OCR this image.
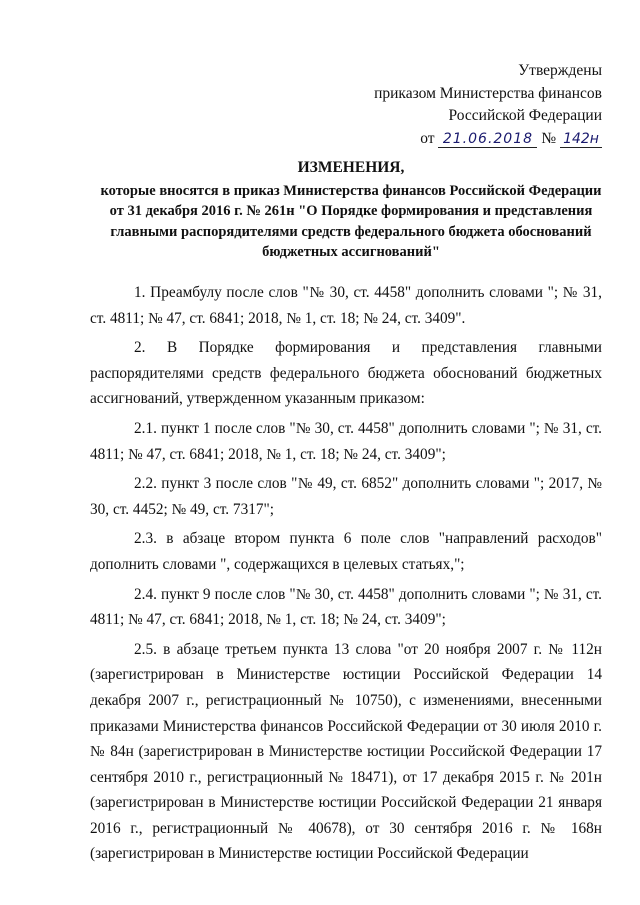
Утверждены
приказом Министерства финансов
Российской Федерации
от 21.06.2018 № 142н
ИЗМЕНЕНИЯ,
которые вносятся в приказ Министерства финансов Российской Федерации от 31 декабря 2016 г. № 261н "О Порядке формирования и представления главными распорядителями средств федерального бюджета обоснований бюджетных ассигнований"

1. Преамбулу после слов "№ 30, ст. 4458" дополнить словами "; № 31, ст. 4811; № 47, ст. 6841; 2018, № 1, ст. 18; № 24, ст. 3409".

2. В Порядке формирования и представления главными распорядителями средств федерального бюджета обоснований бюджетных ассигнований, утвержденном указанным приказом:

2.1. пункт 1 после слов "№ 30, ст. 4458" дополнить словами "; № 31, ст. 4811; № 47, ст. 6841; 2018, № 1, ст. 18; № 24, ст. 3409";

2.2. пункт 3 после слов "№ 49, ст. 6852" дополнить словами "; 2017, № 30, ст. 4452; № 49, ст. 7317";

2.3. в абзаце втором пункта 6 поле слов "направлений расходов" дополнить словами ", содержащихся в целевых статьях,";

2.4. пункт 9 после слов "№ 30, ст. 4458" дополнить словами "; № 31, ст. 4811; № 47, ст. 6841; 2018, № 1, ст. 18; № 24, ст. 3409";

2.5. в абзаце третьем пункта 13 слова "от 20 ноября 2007 г. № 112н (зарегистрирован в Министерстве юстиции Российской Федерации 14 декабря 2007 г., регистрационный № 10750), с изменениями, внесенными приказами Министерства финансов Российской Федерации от 30 июля 2010 г. № 84н (зарегистрирован в Министерстве юстиции Российской Федерации 17 сентября 2010 г., регистрационный № 18471), от 17 декабря 2015 г. № 201н (зарегистрирован в Министерстве юстиции Российской Федерации 21 января 2016 г., регистрационный № 40678), от 30 сентября 2016 г. № 168н (зарегистрирован в Министерстве юстиции Российской Федерации
